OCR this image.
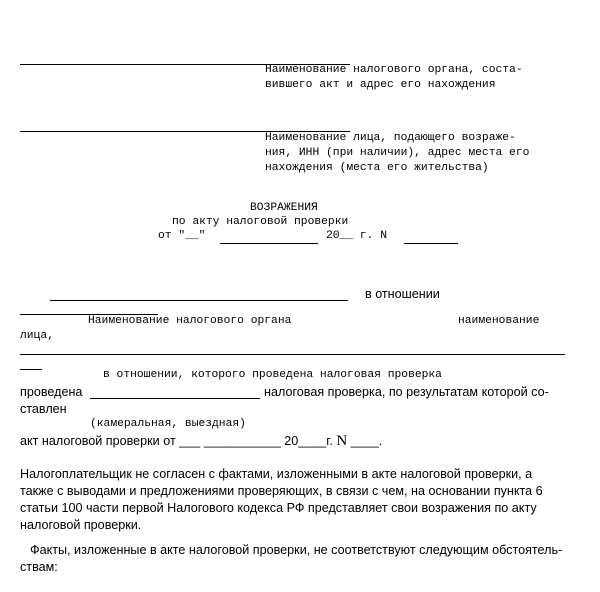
Наименование налогового органа, соста-
вившего акт и адрес его нахождения
Наименование лица, подающего возраже-
ния, ИНН (при наличии), адрес места его
нахождения (места его жительства)
ВОЗРАЖЕНИЯ
по акту налоговой проверки
от "__"	20__ г. N
в отношении
Наименование налогового органа	наименование
лица,
в отношении, которого проведена налоговая проверка
проведена	налоговая проверка, по результатам которой со-
ставлен
(камеральная, выездная)
акт налоговой проверки от ___ ___________ 20____г. N ____.
Налогоплательщик не согласен с фактами, изложенными в акте налоговой проверки, а
также с выводами и предложениями проверяющих, в связи с чем, на основании пункта 6
статьи 100 части первой Налогового кодекса РФ представляет свои возражения по акту
налоговой проверки.
Факты, изложенные в акте налоговой проверки, не соответствуют следующим обстоятель-
ствам:
